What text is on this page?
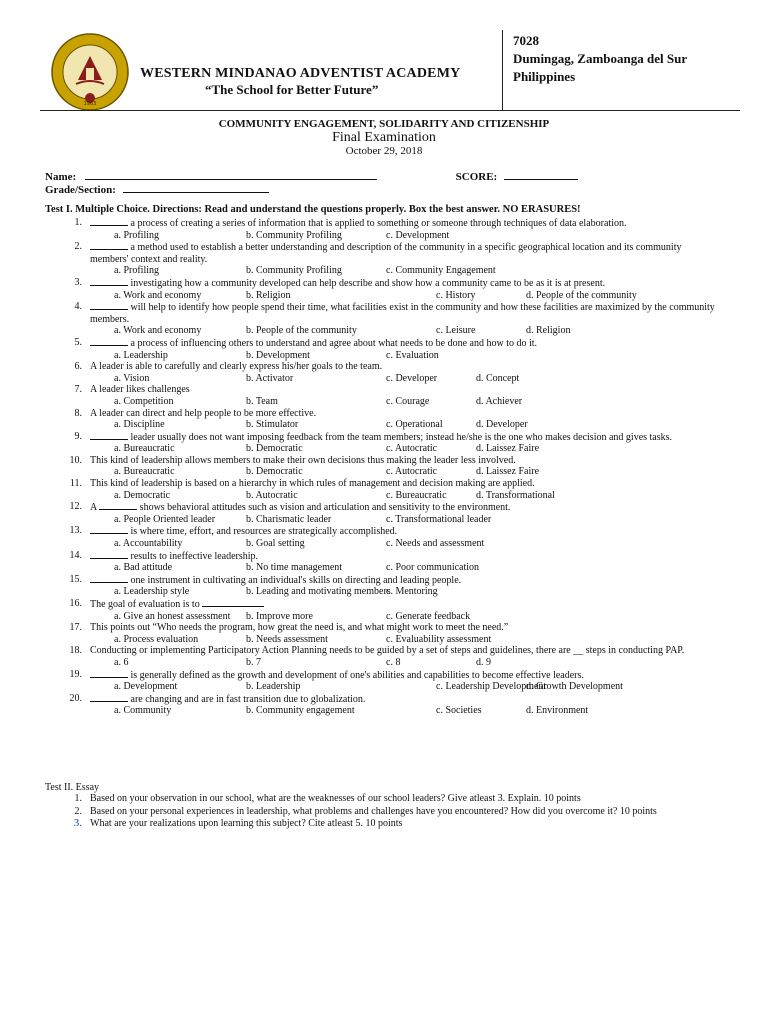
1963
WESTERN MINDANAO ADVENTIST ACADEMY
“The School for Better Future”
7028
Dumingag, Zamboanga del Sur
Philippines
COMMUNITY ENGAGEMENT, SOLIDARITY AND CITIZENSHIP
Final Examination
October 29, 2018
Name:	SCORE:
Grade/Section:
Test I. Multiple Choice. Directions: Read and understand the questions properly. Box the best answer. NO ERASURES!
1.	a process of creating a series of information that is applied to something or someone through techniques of data elaboration.
a. Profiling	b. Community Profiling	c. Development
2.	a method used to establish a better understanding and description of the community in a specific geographical location and its community members' context and reality.
a. Profiling	b. Community Profiling	c. Community Engagement
3.	investigating how a community developed can help describe and show how a community came to be as it is at present.
a. Work and economy	b. Religion	c. History	d. People of the community
4.	will help to identify how people spend their time, what facilities exist in the community and how these facilities are maximized by the community members.
a. Work and economy	b. People of the community	c. Leisure	d. Religion
5.	a process of influencing others to understand and agree about what needs to be done and how to do it.
a. Leadership	b. Development	c. Evaluation
6. A leader is able to carefully and clearly express his/her goals to the team.
a. Vision	b. Activator	c. Developer	d. Concept
7. A leader likes challenges
a. Competition	b. Team	c. Courage	d. Achiever
8. A leader can direct and help people to be more effective.
a. Discipline	b. Stimulator	c. Operational	d. Developer
9.	leader usually does not want imposing feedback from the team members; instead he/she is the one who makes decision and gives tasks.
a. Bureaucratic	b. Democratic	c. Autocratic	d. Laissez Faire
10. This kind of leadership allows members to make their own decisions thus making the leader less involved.
a. Bureaucratic	b. Democratic	c. Autocratic	d. Laissez Faire
11. This kind of leadership is based on a hierarchy in which rules of management and decision making are applied.
a. Democratic	b. Autocratic	c. Bureaucratic	d. Transformational
12. A	shows behavioral attitudes such as vision and articulation and sensitivity to the environment.
a. People Oriented leader	b. Charismatic leader	c. Transformational leader
13.	is where time, effort, and resources are strategically accomplished.
a. Accountability	b. Goal setting	c. Needs and assessment
14.	results to ineffective leadership.
a. Bad attitude	b. No time management	c. Poor communication
15.	one instrument in cultivating an individual's skills on directing and leading people.
a. Leadership style	b. Leading and motivating members
c. Mentoring
16. The goal of evaluation is to
a. Give an honest assessment b. Improve more	c. Generate feedback
17. This points out “Who needs the program, how great the need is, and what might work to meet the need.”
a. Process evaluation	b. Needs assessment	c. Evaluability assessment
18. Conducting or implementing Participatory Action Planning needs to be guided by a set of steps and guidelines, there are __ steps in conducting PAP.
a. 6	b. 7	c. 8	d. 9
19.	is generally defined as the growth and development of one's abilities and capabilities to become effective leaders.
a. Development	b. Leadership	c. Leadership Development
d. Growth Development
20.	are changing and are in fast transition due to globalization.
a. Community	b. Community engagement	c. Societies	d. Environment
Test II. Essay
1. Based on your observation in our school, what are the weaknesses of our school leaders? Give atleast 3. Explain. 10 points
2. Based on your personal experiences in leadership, what problems and challenges have you encountered? How did you overcome it? 10 points
3. What are your realizations upon learning this subject? Cite atleast 5. 10 points
